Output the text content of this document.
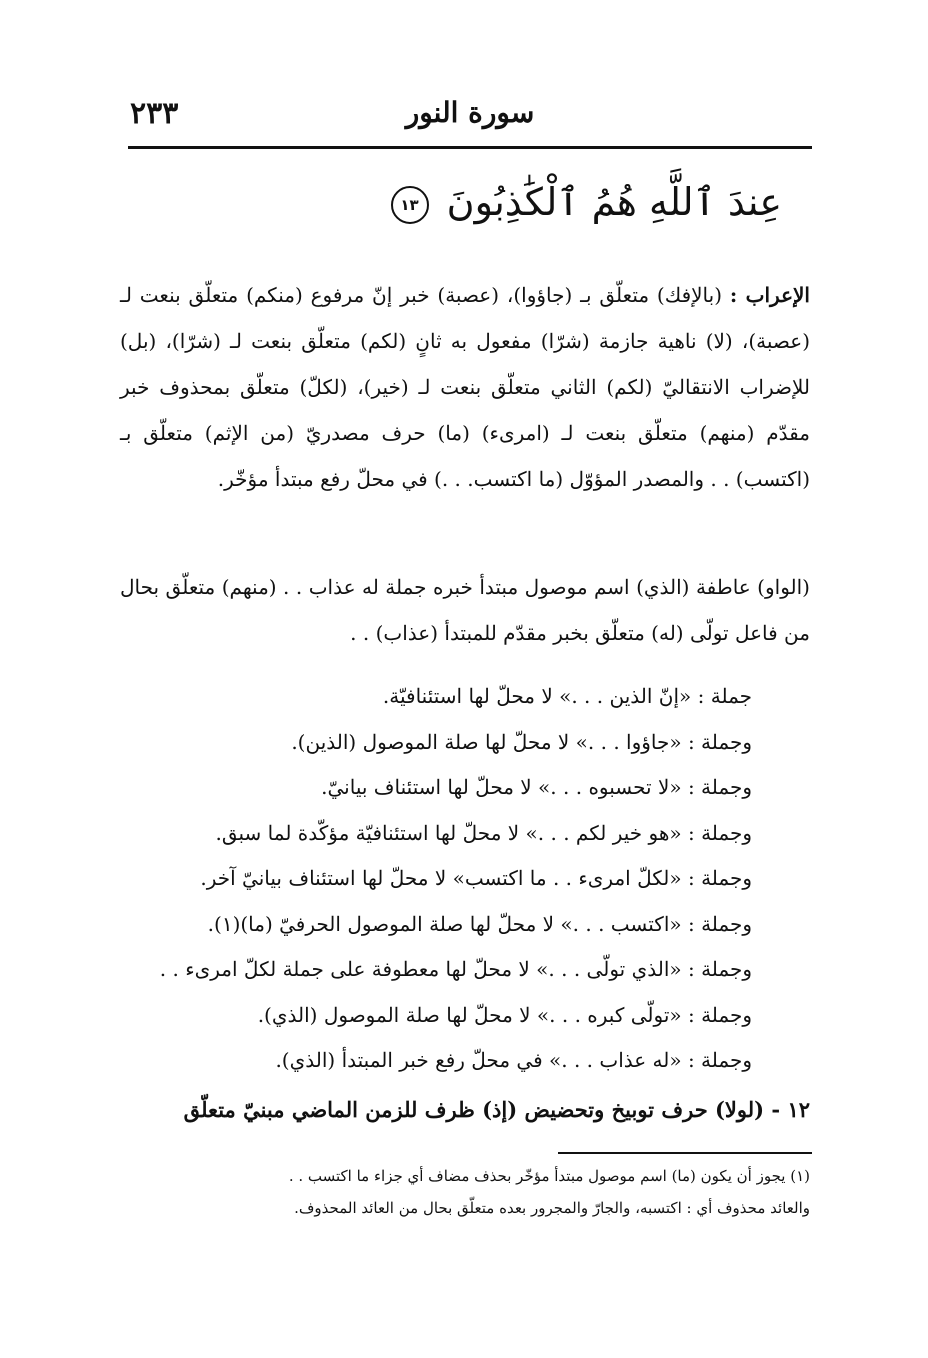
سورة النور
٢٣٣
عِندَ ٱللَّهِ هُمُ ٱلْكَٰذِبُونَ ١٣
الإعراب : (بالإفك) متعلّق بـ (جاؤوا)، (عصبة) خبر إنّ مرفوع (منكم) متعلّق بنعت لـ (عصبة)، (لا) ناهية جازمة (شرّا) مفعول به ثانٍ (لكم) متعلّق بنعت لـ (شرّا)، (بل) للإضراب الانتقاليّ (لكم) الثاني متعلّق بنعت لـ (خير)، (لكلّ) متعلّق بمحذوف خبر مقدّم (منهم) متعلّق بنعت لـ (امرىء) (ما) حرف مصدريّ (من الإثم) متعلّق بـ (اكتسب) . . والمصدر المؤوّل (ما اكتسب. . .) في محلّ رفع مبتدأ مؤخّر.
(الواو) عاطفة (الذي) اسم موصول مبتدأ خبره جملة له عذاب . . (منهم) متعلّق بحال من فاعل تولّى (له) متعلّق بخبر مقدّم للمبتدأ (عذاب) . .
جملة : «إنّ الذين . . .» لا محلّ لها استئنافيّة.
وجملة : «جاؤوا . . .» لا محلّ لها صلة الموصول (الذين).
وجملة : «لا تحسبوه . . .» لا محلّ لها استئناف بيانيّ.
وجملة : «هو خير لكم . . .» لا محلّ لها استئنافيّة مؤكّدة لما سبق.
وجملة : «لكلّ امرىء . . ما اكتسب» لا محلّ لها استئناف بيانيّ آخر.
وجملة : «اكتسب . . .» لا محلّ لها صلة الموصول الحرفيّ (ما)(١).
وجملة : «الذي تولّى . . .» لا محلّ لها معطوفة على جملة لكلّ امرىء . .
وجملة : «تولّى كبره . . .» لا محلّ لها صلة الموصول (الذي).
وجملة : «له عذاب . . .» في محلّ رفع خبر المبتدأ (الذي).
١٢ - (لولا) حرف توبيخ وتحضيض (إذ) ظرف للزمن الماضي مبنيّ متعلّق
(١) يجوز أن يكون (ما) اسم موصول مبتدأ مؤخّر بحذف مضاف أي جزاء ما اكتسب . .
والعائد محذوف أي : اكتسبه، والجارّ والمجرور بعده متعلّق بحال من العائد المحذوف.
